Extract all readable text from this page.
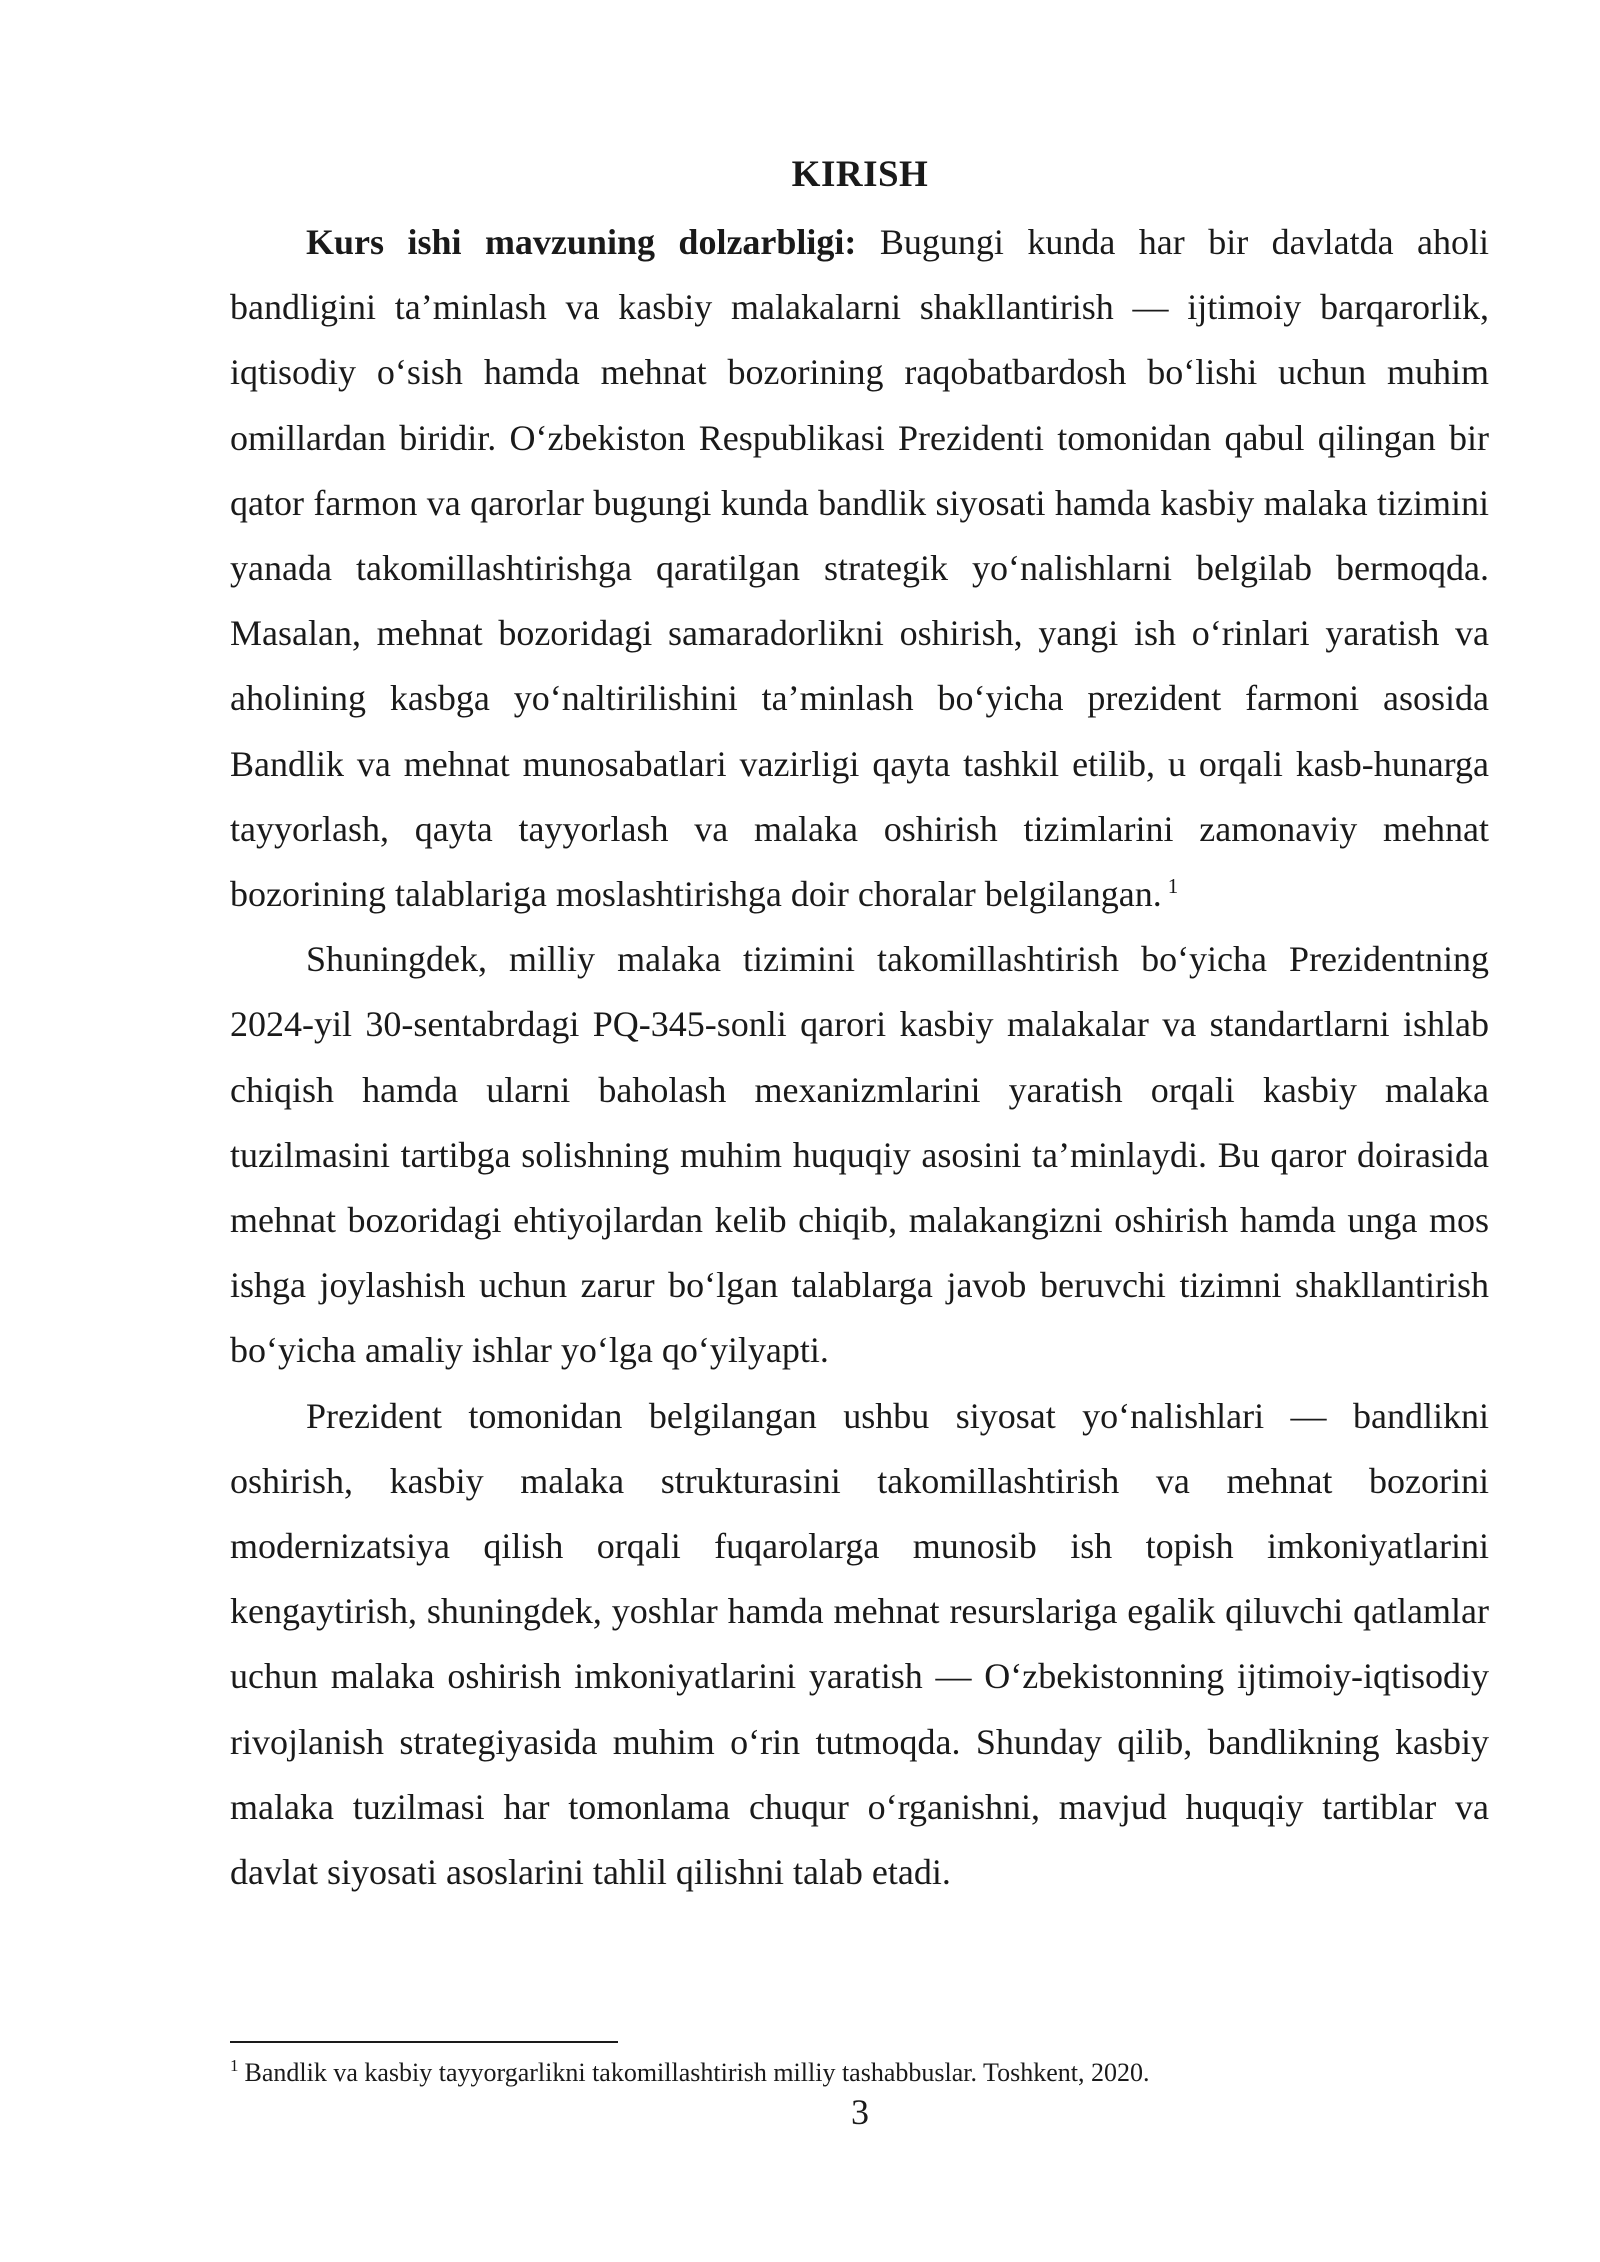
KIRISH

Kurs ishi mavzuning dolzarbligi: Bugungi kunda har bir davlatda aholi bandligini ta’minlash va kasbiy malakalarni shakllantirish — ijtimoiy barqarorlik, iqtisodiy o‘sish hamda mehnat bozorining raqobatbardosh bo‘lishi uchun muhim omillardan biridir. O‘zbekiston Respublikasi Prezidenti tomonidan qabul qilingan bir qator farmon va qarorlar bugungi kunda bandlik siyosati hamda kasbiy malaka tizimini yanada takomillashtirishga qaratilgan strategik yo‘nalishlarni belgilab bermoqda. Masalan, mehnat bozoridagi samaradorlikni oshirish, yangi ish o‘rinlari yaratish va aholining kasbga yo‘naltirilishini ta’minlash bo‘yicha prezident farmoni asosida Bandlik va mehnat munosabatlari vazirligi qayta tashkil etilib, u orqali kasb-hunarga tayyorlash, qayta tayyorlash va malaka oshirish tizimlarini zamonaviy mehnat bozorining talablariga moslashtirishga doir choralar belgilangan. $^1$

Shuningdek, milliy malaka tizimini takomillashtirish bo‘yicha Prezidentning 2024-yil 30-sentabrdagi PQ-345-sonli qarori kasbiy malakalar va standartlarni ishlab chiqish hamda ularni baholash mexanizmlarini yaratish orqali kasbiy malaka tuzilmasini tartibga solishning muhim huquqiy asosini ta’minlaydi. Bu qaror doirasida mehnat bozoridagi ehtiyojlardan kelib chiqib, malakangizni oshirish hamda unga mos ishga joylashish uchun zarur bo‘lgan talablarga javob beruvchi tizimni shakllantirish bo‘yicha amaliy ishlar yo‘lga qo‘yilyapti.

Prezident tomonidan belgilangan ushbu siyosat yo‘nalishlari — bandlikni oshirish, kasbiy malaka strukturasini takomillashtirish va mehnat bozorini modernizatsiya qilish orqali fuqarolarga munosib ish topish imkoniyatlarini kengaytirish, shuningdek, yoshlar hamda mehnat resurslariga egalik qiluvchi qatlamlar uchun malaka oshirish imkoniyatlarini yaratish — O‘zbekistonning ijtimoiy-iqtisodiy rivojlanish strategiyasida muhim o‘rin tutmoqda. Shunday qilib, bandlikning kasbiy malaka tuzilmasi har tomonlama chuqur o‘rganishni, mavjud huquqiy tartiblar va davlat siyosati asoslarini tahlil qilishni talab etadi.

$^1$ Bandlik va kasbiy tayyorgarlikni takomillashtirish milliy tashabbuslar. Toshkent, 2020.
3
